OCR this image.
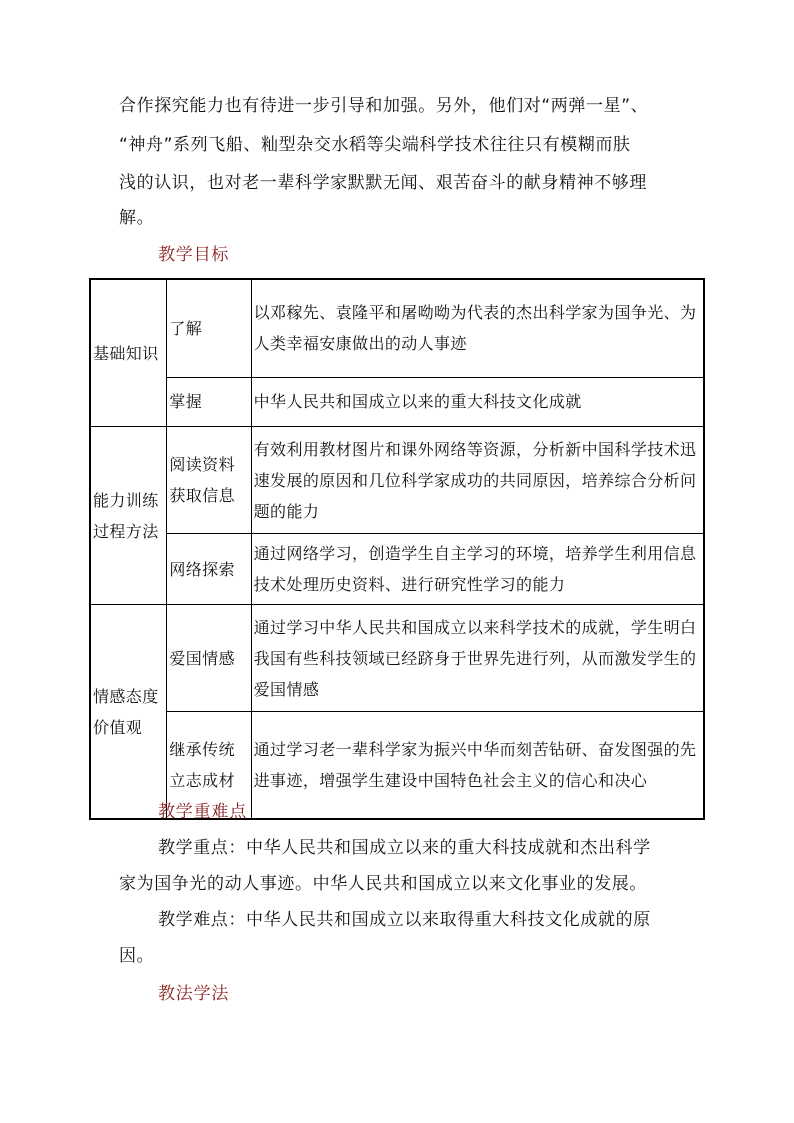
合作探究能力也有待进一步引导和加强。另外，他们对“两弹一星”、

“神舟”系列飞船、籼型杂交水稻等尖端科学技术往往只有模糊而肤

浅的认识，也对老一辈科学家默默无闻、艰苦奋斗的献身精神不够理

解。

教学目标

基础知识	了解	以邓稼先、袁隆平和屠呦呦为代表的杰出科学家为国争光、为人类幸福安康做出的动人事迹

	掌握	中华人民共和国成立以来的重大科技文化成就

能力训练过程方法	阅读资料获取信息	有效利用教材图片和课外网络等资源，分析新中国科学技术迅速发展的原因和几位科学家成功的共同原因，培养综合分析问题的能力

	网络探索	通过网络学习，创造学生自主学习的环境，培养学生利用信息技术处理历史资料、进行研究性学习的能力

情感态度价值观	爱国情感	通过学习中华人民共和国成立以来科学技术的成就，学生明白我国有些科技领域已经跻身于世界先进行列，从而激发学生的爱国情感

	继承传统立志成材	通过学习老一辈科学家为振兴中华而刻苦钻研、奋发图强的先进事迹，增强学生建设中国特色社会主义的信心和决心

教学重难点

教学重点：中华人民共和国成立以来的重大科技成就和杰出科学

家为国争光的动人事迹。中华人民共和国成立以来文化事业的发展。

教学难点：中华人民共和国成立以来取得重大科技文化成就的原

因。

教法学法
